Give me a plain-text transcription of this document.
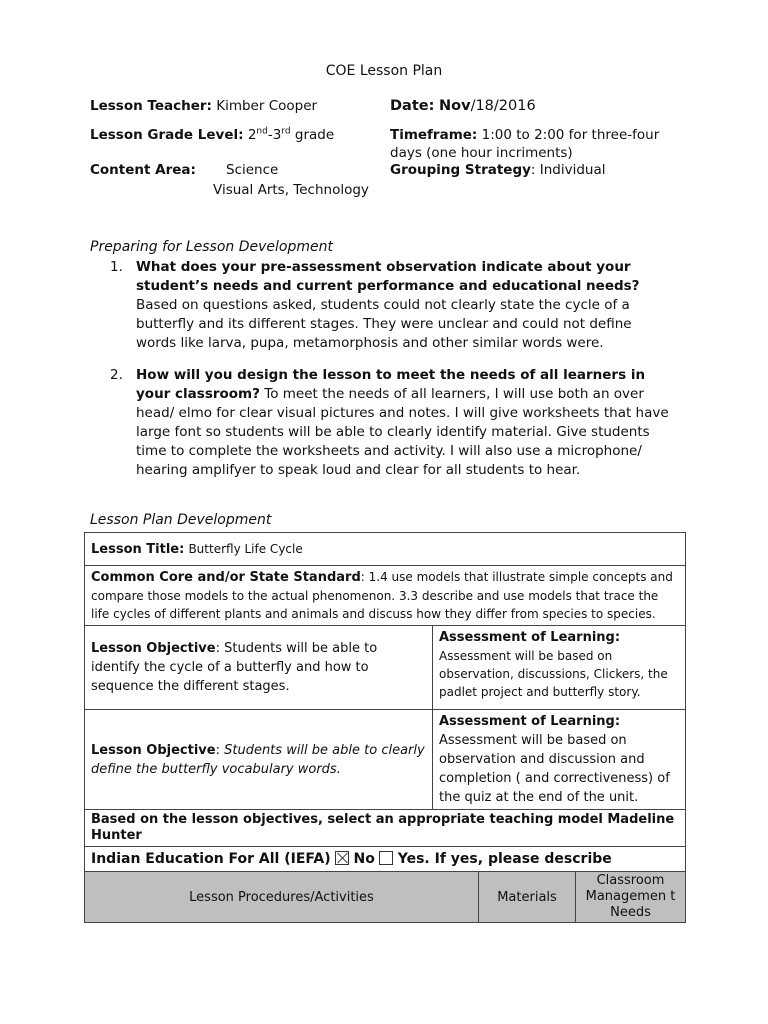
COE Lesson Plan
Lesson Teacher: Kimber Cooper	Date: Nov/18/2016
Lesson Grade Level: 2nd-3rd grade	Timeframe: 1:00 to 2:00 for three-four days (one hour incriments)
Content Area: Science
Visual Arts, Technology
Grouping Strategy: Individual
Preparing for Lesson Development
1. What does your pre-assessment observation indicate about your student’s needs and current performance and educational needs? Based on questions asked, students could not clearly state the cycle of a butterfly and its different stages. They were unclear and could not define words like larva, pupa, metamorphosis and other similar words were.
2. How will you design the lesson to meet the needs of all learners in your classroom? To meet the needs of all learners, I will use both an over head/ elmo for clear visual pictures and notes. I will give worksheets that have large font so students will be able to clearly identify material. Give students time to complete the worksheets and activity. I will also use a microphone/ hearing amplifyer to speak loud and clear for all students to hear.
Lesson Plan Development
Lesson Title: Butterfly Life Cycle			
Common Core and/or State Standard: 1.4 use models that illustrate simple concepts and compare those models to the actual phenomenon. 3.3 describe and use models that trace the life cycles of different plants and animals and discuss how they differ from species to species.			
Lesson Objective: Students will be able to identify the cycle of a butterfly and how to sequence the different stages.	Assessment of Learning:
Assessment will be based on observation, discussions, Clickers, the padlet project and butterfly story.		
Lesson Objective: Students will be able to clearly define the butterfly vocabulary words.	Assessment of Learning:
Assessment will be based on observation and discussion and completion ( and correctiveness) of the quiz at the end of the unit.		
Based on the lesson objectives, select an appropriate teaching model Madeline Hunter			
Indian Education For All (IEFA) No Yes. If yes, please describe			
Lesson Procedures/Activities		Materials	Classroom Managemen t Needs
